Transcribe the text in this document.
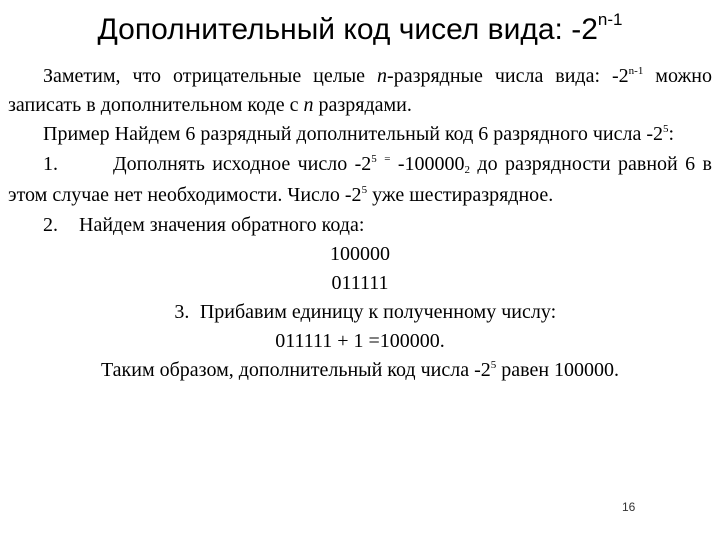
Дополнительный код чисел вида: -2$^{n-1}$

Заметим, что отрицательные целые n-разрядные числа вида: -2$^{n-1}$ можно записать в дополнительном коде с n разрядами.

Пример Найдем 6 разрядный дополнительный код 6 разрядного числа $-2^5$:

1.	Дополнять исходное число $-2^5$ = $-100000_2$ до разрядности равной 6 в этом случае нет необходимости. Число $-2^5$ уже шестиразрядное.

2. Найдем значения обратного кода:

100000

011111

3. Прибавим единицу к полученному числу:

011111 + 1 =100000.

Таким образом, дополнительный код числа $-2^5$ равен 100000.

16
